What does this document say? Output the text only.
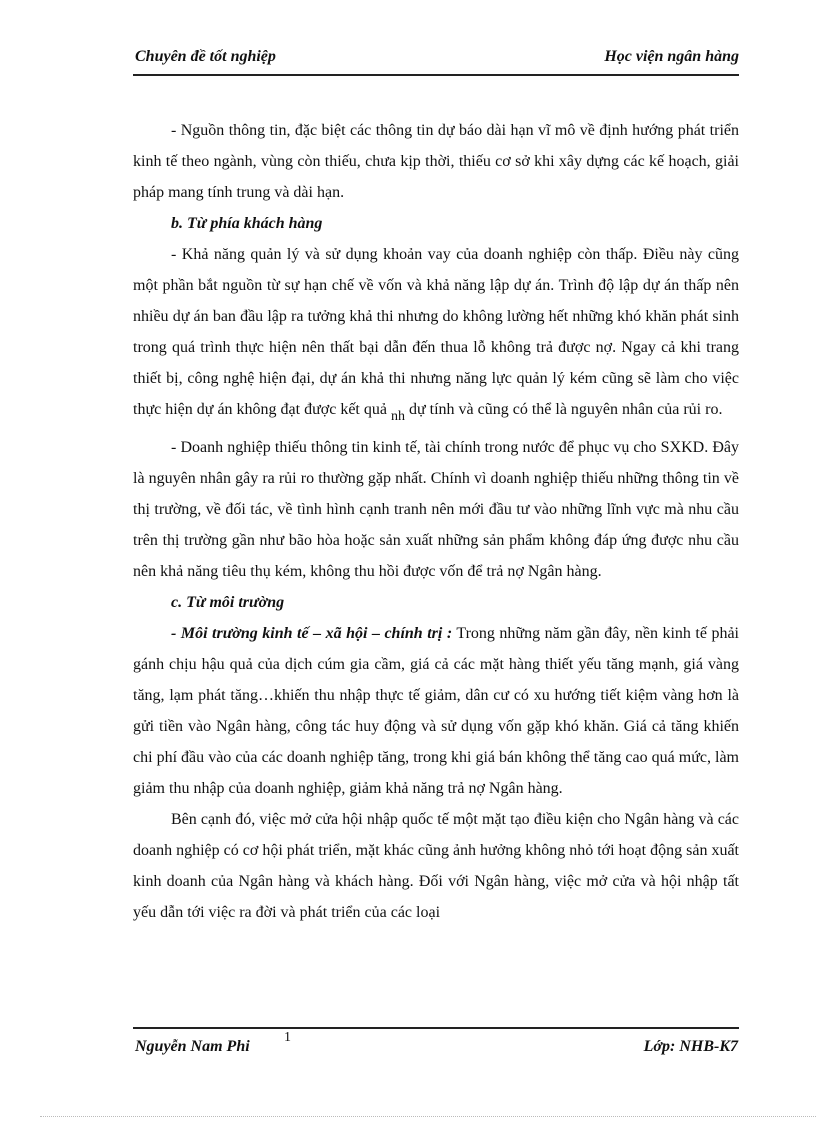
Chuyên đề tốt nghiệp	Học viện ngân hàng

- Nguồn thông tin, đặc biệt các thông tin dự báo dài hạn vĩ mô về định hướng phát triển kinh tế theo ngành, vùng còn thiếu, chưa kịp thời, thiếu cơ sở khi xây dựng các kế hoạch, giải pháp mang tính trung và dài hạn.

b. Từ phía khách hàng

- Khả năng quản lý và sử dụng khoản vay của doanh nghiệp còn thấp. Điều này cũng một phần bắt nguồn từ sự hạn chế về vốn và khả năng lập dự án. Trình độ lập dự án thấp nên nhiều dự án ban đầu lập ra tưởng khả thi nhưng do không lường hết những khó khăn phát sinh trong quá trình thực hiện nên thất bại dẫn đến thua lỗ không trả được nợ. Ngay cả khi trang thiết bị, công nghệ hiện đại, dự án khả thi nhưng năng lực quản lý kém cũng sẽ làm cho việc thực hiện dự án không đạt được kết quả nh dự tính và cũng có thể là nguyên nhân của rủi ro.

- Doanh nghiệp thiếu thông tin kinh tế, tài chính trong nước để phục vụ cho SXKD. Đây là nguyên nhân gây ra rủi ro thường gặp nhất. Chính vì doanh nghiệp thiếu những thông tin về thị trường, về đối tác, về tình hình cạnh tranh nên mới đầu tư vào những lĩnh vực mà nhu cầu trên thị trường gần như bão hòa hoặc sản xuất những sản phẩm không đáp ứng được nhu cầu nên khả năng tiêu thụ kém, không thu hồi được vốn để trả nợ Ngân hàng.

c. Từ môi trường

- Môi trường kinh tế – xã hội – chính trị : Trong những năm gần đây, nền kinh tế phải gánh chịu hậu quả của dịch cúm gia cầm, giá cả các mặt hàng thiết yếu tăng mạnh, giá vàng tăng, lạm phát tăng…khiến thu nhập thực tế giảm, dân cư có xu hướng tiết kiệm vàng hơn là gửi tiền vào Ngân hàng, công tác huy động và sử dụng vốn gặp khó khăn. Giá cả tăng khiến chi phí đầu vào của các doanh nghiệp tăng, trong khi giá bán không thể tăng cao quá mức, làm giảm thu nhập của doanh nghiệp, giảm khả năng trả nợ Ngân hàng.

Bên cạnh đó, việc mở cửa hội nhập quốc tế một mặt tạo điều kiện cho Ngân hàng và các doanh nghiệp có cơ hội phát triển, mặt khác cũng ảnh hưởng không nhỏ tới hoạt động sản xuất kinh doanh của Ngân hàng và khách hàng. Đối với Ngân hàng, việc mở cửa và hội nhập tất yếu dẫn tới việc ra đời và phát triển của các loại

Nguyễn Nam Phi
1
Lớp: NHB-K7
